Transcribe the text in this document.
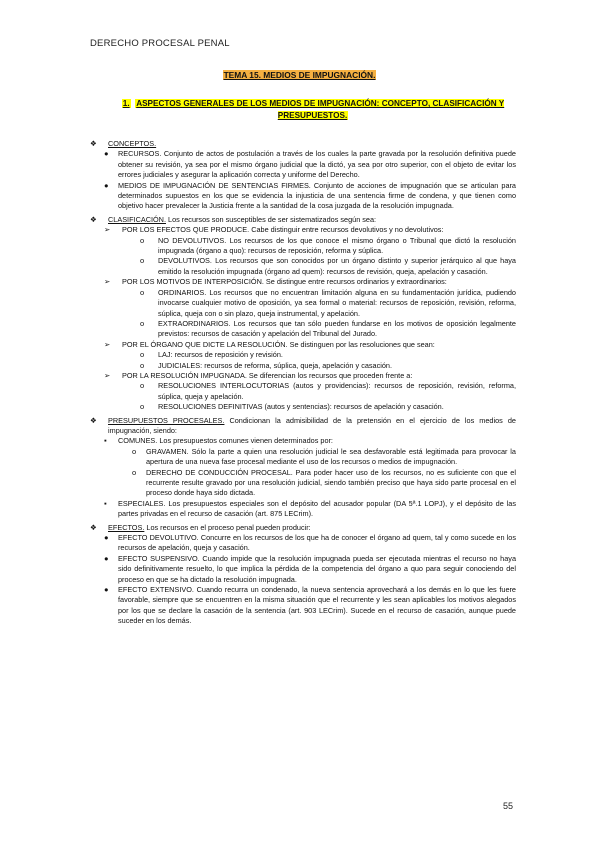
DERECHO PROCESAL PENAL
TEMA 15. MEDIOS DE IMPUGNACIÓN.
1. ASPECTOS GENERALES DE LOS MEDIOS DE IMPUGNACIÓN: CONCEPTO, CLASIFICACIÓN Y PRESUPUESTOS.
❖ CONCEPTOS.
● RECURSOS. Conjunto de actos de postulación a través de los cuales la parte gravada por la resolución definitiva puede obtener su revisión, ya sea por el mismo órgano judicial que la dictó, ya sea por otro superior, con el objeto de evitar los errores judiciales y asegurar la aplicación correcta y uniforme del Derecho.
● MEDIOS DE IMPUGNACIÓN DE SENTENCIAS FIRMES. Conjunto de acciones de impugnación que se articulan para determinados supuestos en los que se evidencia la injusticia de una sentencia firme de condena, y que tienen como objetivo hacer prevalecer la Justicia frente a la santidad de la cosa juzgada de la resolución impugnada.
❖ CLASIFICACIÓN. Los recursos son susceptibles de ser sistematizados según sea:
➢ POR LOS EFECTOS QUE PRODUCE. Cabe distinguir entre recursos devolutivos y no devolutivos:
o NO DEVOLUTIVOS. Los recursos de los que conoce el mismo órgano o Tribunal que dictó la resolución impugnada (órgano a quo): recursos de reposición, reforma y súplica.
o DEVOLUTIVOS. Los recursos que son conocidos por un órgano distinto y superior jerárquico al que haya emitido la resolución impugnada (órgano ad quem): recursos de revisión, queja, apelación y casación.
➢ POR LOS MOTIVOS DE INTERPOSICIÓN. Se distingue entre recursos ordinarios y extraordinarios:
o ORDINARIOS. Los recursos que no encuentran limitación alguna en su fundamentación jurídica, pudiendo invocarse cualquier motivo de oposición, ya sea formal o material: recursos de reposición, revisión, reforma, súplica, queja con o sin plazo, queja instrumental, y apelación.
o EXTRAORDINARIOS. Los recursos que tan sólo pueden fundarse en los motivos de oposición legalmente previstos: recursos de casación y apelación del Tribunal del Jurado.
➢ POR EL ÓRGANO QUE DICTE LA RESOLUCIÓN. Se distinguen por las resoluciones que sean:
o LAJ: recursos de reposición y revisión.
o JUDICIALES: recursos de reforma, súplica, queja, apelación y casación.
➢ POR LA RESOLUCIÓN IMPUGNADA. Se diferencian los recursos que proceden frente a:
o RESOLUCIONES INTERLOCUTORIAS (autos y providencias): recursos de reposición, revisión, reforma, súplica, queja y apelación.
o RESOLUCIONES DEFINITIVAS (autos y sentencias): recursos de apelación y casación.
❖ PRESUPUESTOS PROCESALES. Condicionan la admisibilidad de la pretensión en el ejercicio de los medios de impugnación, siendo:
▪ COMUNES. Los presupuestos comunes vienen determinados por:
o GRAVAMEN. Sólo la parte a quien una resolución judicial le sea desfavorable está legitimada para provocar la apertura de una nueva fase procesal mediante el uso de los recursos o medios de impugnación.
o DERECHO DE CONDUCCIÓN PROCESAL. Para poder hacer uso de los recursos, no es suficiente con que el recurrente resulte gravado por una resolución judicial, siendo también preciso que haya sido parte procesal en el proceso donde haya sido dictada.
▪ ESPECIALES. Los presupuestos especiales son el depósito del acusador popular (DA 5ª.1 LOPJ), y el depósito de las partes privadas en el recurso de casación (art. 875 LECrim).
❖ EFECTOS. Los recursos en el proceso penal pueden producir:
● EFECTO DEVOLUTIVO. Concurre en los recursos de los que ha de conocer el órgano ad quem, tal y como sucede en los recursos de apelación, queja y casación.
● EFECTO SUSPENSIVO. Cuando impide que la resolución impugnada pueda ser ejecutada mientras el recurso no haya sido definitivamente resuelto, lo que implica la pérdida de la competencia del órgano a quo para seguir conociendo del proceso en que se ha dictado la resolución impugnada.
● EFECTO EXTENSIVO. Cuando recurra un condenado, la nueva sentencia aprovechará a los demás en lo que les fuere favorable, siempre que se encuentren en la misma situación que el recurrente y les sean aplicables los motivos alegados por los que se declare la casación de la sentencia (art. 903 LECrim). Sucede en el recurso de casación, aunque puede suceder en los demás.
55
